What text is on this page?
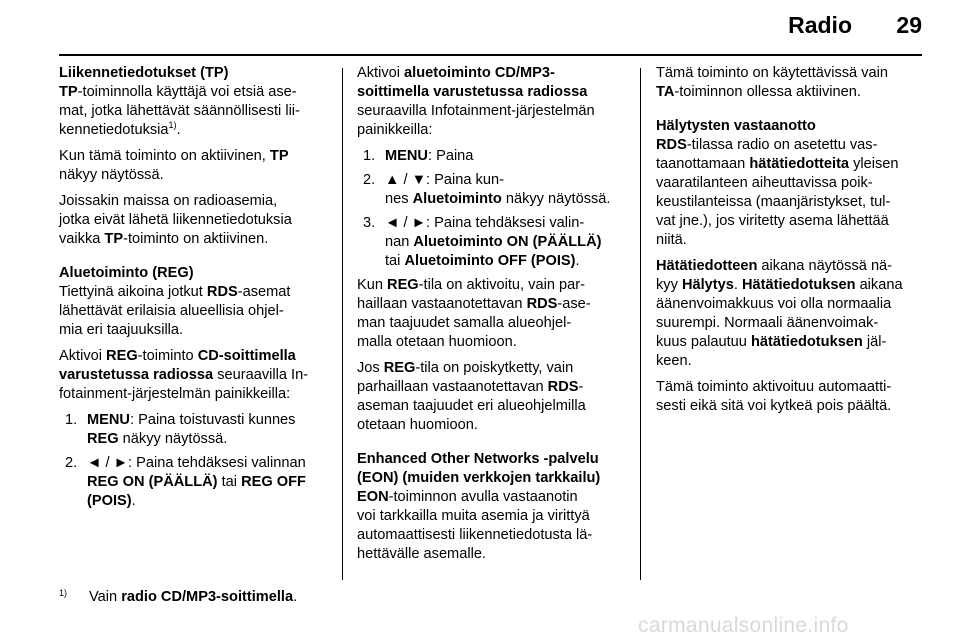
Radio	29

Liikennetiedotukset (TP)

TP-toiminnolla käyttäjä voi etsiä ase-
mat, jotka lähettävät säännöllisesti lii-
kennetiedotuksia$^{1)}$.

Kun tämä toiminto on aktiivinen, TP
näkyy näytössä.

Joissakin maissa on radioasemia,
jotka eivät lähetä liikennetiedotuksia
vaikka TP-toiminto on aktiivinen.

Aluetoiminto (REG)

Tiettyinä aikoina jotkut RDS-asemat
lähettävät erilaisia alueellisia ohjel-
mia eri taajuuksilla.

Aktivoi REG-toiminto CD-soittimella
varustetussa radiossa seuraavilla In-
fotainment-järjestelmän painikkeilla:

1. MENU: Paina toistuvasti kunnes
REG näkyy näytössä.
2. ◄ / ►: Paina tehdäksesi valinnan
REG ON (PÄÄLLÄ) tai REG OFF
(POIS).

Aktivoi aluetoiminto CD/MP3-
soittimella varustetussa radiossa
seuraavilla Infotainment-järjestelmän
painikkeilla:

1. MENU: Paina
2. ▲ / ▼: Paina kun-
nes Aluetoiminto näkyy näytössä.
3. ◄ / ►: Paina tehdäksesi valin-
nan Aluetoiminto ON (PÄÄLLÄ)
tai Aluetoiminto OFF (POIS).

Kun REG-tila on aktivoitu, vain par-
haillaan vastaanotettavan RDS-ase-
man taajuudet samalla alueohjel-
malla otetaan huomioon.

Jos REG-tila on poiskytketty, vain
parhaillaan vastaanotettavan RDS-
aseman taajuudet eri alueohjelmilla
otetaan huomioon.

Enhanced Other Networks -palvelu
(EON) (muiden verkkojen tarkkailu)

EON-toiminnon avulla vastaanotin
voi tarkkailla muita asemia ja virittyä
automaattisesti liikennetiedotusta lä-
hettävälle asemalle.

Tämä toiminto on käytettävissä vain
TA-toiminnon ollessa aktiivinen.

Hälytysten vastaanotto

RDS-tilassa radio on asetettu vas-
taanottamaan hätätiedotteita yleisen
vaaratilanteen aiheuttavissa poik-
keustilanteissa (maanjäristykset, tul-
vat jne.), jos viritetty asema lähettää
niitä.

Hätätiedotteen aikana näytössä nä-
kyy Hälytys. Hätätiedotuksen aikana
äänenvoimakkuus voi olla normaalia
suurempi. Normaali äänenvoimak-
kuus palautuu hätätiedotuksen jäl-
keen.

Tämä toiminto aktivoituu automaatti-
sesti eikä sitä voi kytkeä pois päältä.

1) Vain radio CD/MP3-soittimella.
carmanualsonline.info
